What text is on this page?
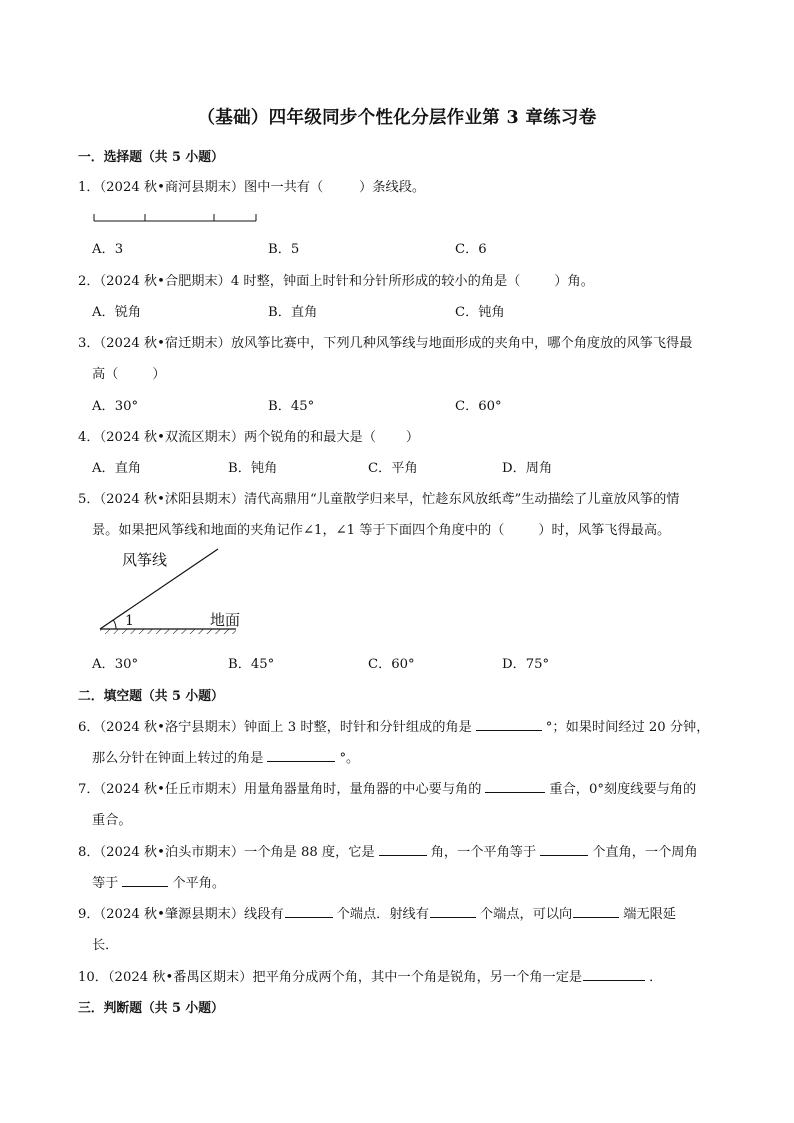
（基础）四年级同步个性化分层作业第 3 章练习卷
一．选择题（共 5 小题）
1．（2024 秋•商河县期末）图中一共有（	）条线段。
A．3	B．5	C．6
2．（2024 秋•合肥期末）4 时整，钟面上时针和分针所形成的较小的角是（	）角。
A．锐角	B．直角	C．钝角
3．（2024 秋•宿迁期末）放风筝比赛中，下列几种风筝线与地面形成的夹角中，哪个角度放的风筝飞得最
高（	）
A．30°	B．45°	C．60°
4．（2024 秋•双流区期末）两个锐角的和最大是（ ）
A．直角	B．钝角	C．平角	D．周角
5．（2024 秋•沭阳县期末）清代高鼎用“儿童散学归来早，忙趁东风放纸鸢”生动描绘了儿童放风筝的情
景。如果把风筝线和地面的夹角记作∠1，∠1 等于下面四个角度中的（	）时，风筝飞得最高。
风筝线
1	地面
A．30°	B．45°	C．60°	D．75°
二．填空题（共 5 小题）
6．（2024 秋•洛宁县期末）钟面上 3 时整，时针和分针组成的角是	°；如果时间经过 20 分钟，
那么分针在钟面上转过的角是	°。
7．（2024 秋•任丘市期末）用量角器量角时，量角器的中心要与角的	重合，0°刻度线要与角的
重合。
8．（2024 秋•泊头市期末）一个角是 88 度，它是	角，一个平角等于	个直角，一个周角
等于	个平角。
9．（2024 秋•肇源县期末）线段有	个端点．射线有	个端点，可以向	端无限延
长．
10．（2024 秋•番禺区期末）把平角分成两个角，其中一个角是锐角，另一个角一定是	．
三．判断题（共 5 小题）
